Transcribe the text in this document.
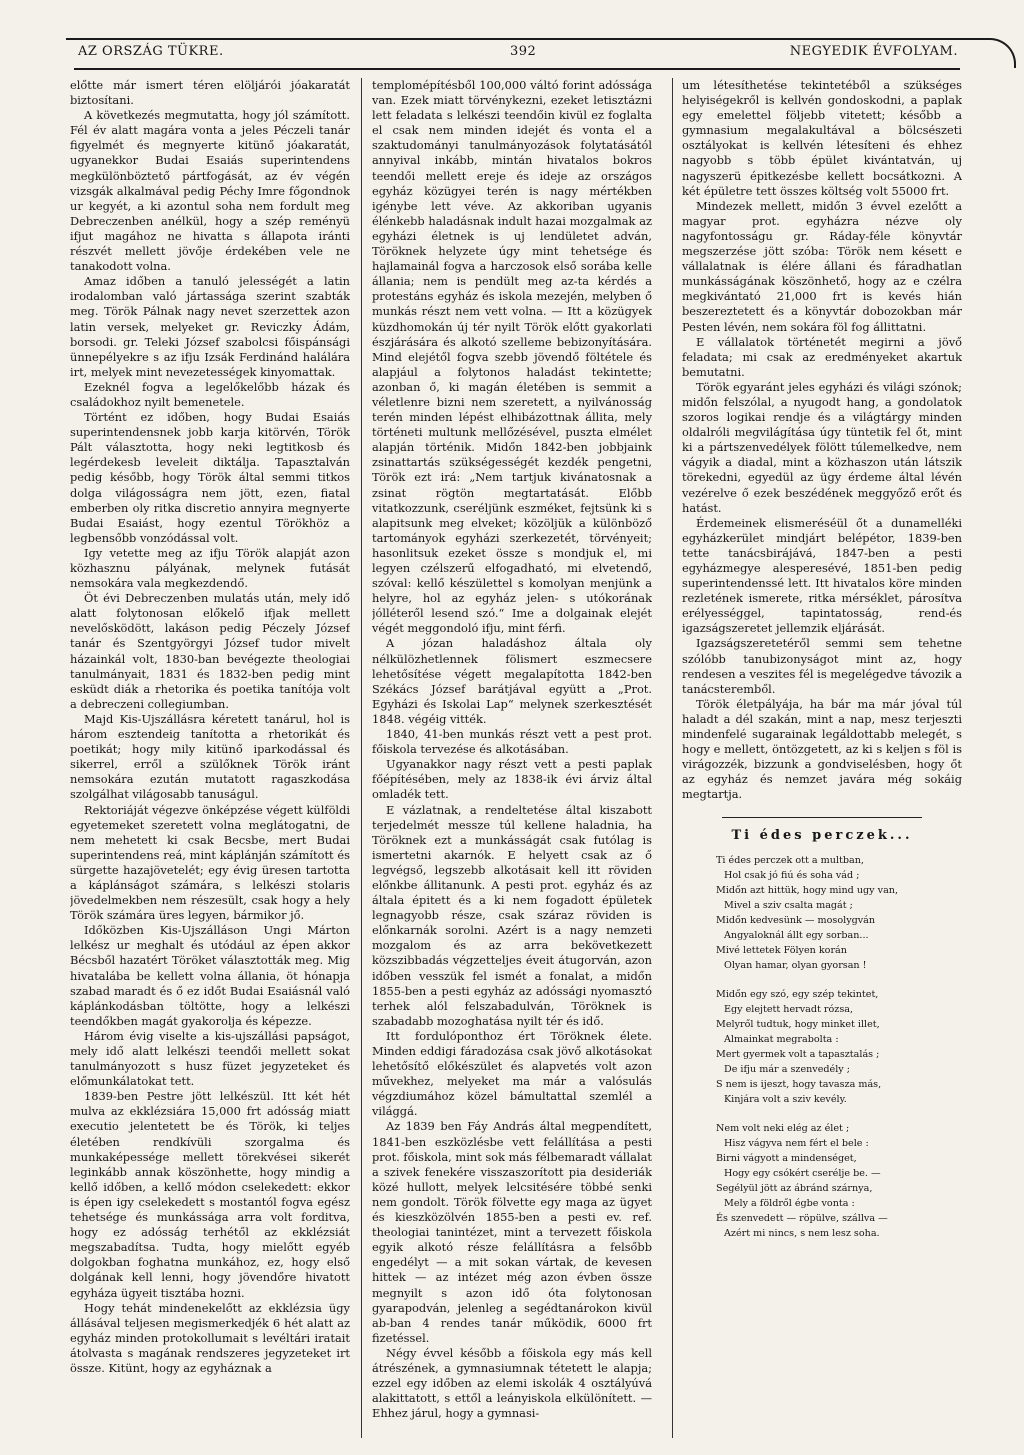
AZ ORSZÁG TÜKRE.	392	NEGYEDIK ÉVFOLYAM.

előtte már ismert téren elöljárói jóakaratát biztosítani.

A következés megmutatta, hogy jól számított. Fél év alatt magára vonta a jeles Péczeli tanár figyelmét és megnyerte kitünő jóakaratát, ugyanekkor Budai Esaiás superintendens megkülönböztető pártfogását, az év végén vizsgák alkalmával pedig Péchy Imre főgondnok ur kegyét, a ki azontul soha nem fordult meg Debreczenben anélkül, hogy a szép reményü ifjut magához ne hivatta s állapota iránti részvét mellett jövője érdekében vele ne tanakodott volna.

Amaz időben a tanuló jelességét a latin irodalomban való jártassága szerint szabták meg. Török Pálnak nagy nevet szerzettek azon latin versek, melyeket gr. Reviczky Ádám, borsodi. gr. Teleki József szabolcsi főispánsági ünnepélyekre s az ifju Izsák Ferdinánd halálára irt, melyek mint nevezetességek kinyomattak.

Ezeknél fogva a legelőkelőbb házak és családokhoz nyilt bemenetele.

Történt ez időben, hogy Budai Esaiás superintendensnek jobb karja kitörvén, Török Pált választotta, hogy neki legtitkosb és legérdekesb leveleit diktálja. Tapasztalván pedig később, hogy Török által semmi titkos dolga világosságra nem jött, ezen, fiatal emberben oly ritka discretio annyira megnyerte Budai Esaiást, hogy ezentul Törökhöz a legbensőbb vonzódással volt.

Igy vetette meg az ifju Török alapját azon közhasznu pályának, melynek futását nemsokára vala megkezdendő.

Öt évi Debreczenben mulatás után, mely idő alatt folytonosan előkelő ifjak mellett nevelősködött, lakáson pedig Péczely József tanár és Szentgyörgyi József tudor mivelt házainkál volt, 1830-ban bevégezte theologiai tanulmányait, 1831 és 1832-ben pedig mint esküdt diák a rhetorika és poetika tanítója volt a debreczeni collegiumban.

Majd Kis-Ujszállásra kéretett tanárul, hol is három esztendeig tanította a rhetorikát és poetikát; hogy mily kitünő iparkodással és sikerrel, erről a szülőknek Török iránt nemsokára ezután mutatott ragaszkodása szolgálhat világosabb tanuságul.

Rektoriáját végezve önképzése végett külföldi egyetemeket szeretett volna meglátogatni, de nem mehetett ki csak Becsbe, mert Budai superintendens reá, mint káplánján számított és sürgette hazajövetelét; egy évig üresen tartotta a káplánságot számára, s lelkészi stolaris jövedelmekben nem részesült, csak hogy a hely Török számára üres legyen, bármikor jő.

Időközben Kis-Ujszálláson Ungi Márton lelkész ur meghalt és utódául az épen akkor Bécsből hazatért Töröket választották meg. Mig hivatalába be kellett volna állania, öt hónapja szabad maradt és ő ez időt Budai Esaiásnál való káplánkodásban töltötte, hogy a lelkészi teendőkben magát gyakorolja és képezze.

Három évig viselte a kis-ujszállási papságot, mely idő alatt lelkészi teendői mellett sokat tanulmányozott s husz füzet jegyzeteket és előmunkálatokat tett.

1839-ben Pestre jött lelkészül. Itt két hét mulva az ekklézsiára 15,000 frt adósság miatt executio jelentetett be és Török, ki teljes életében rendkívüli szorgalma és munkaképessége mellett törekvései sikerét leginkább annak köszönhette, hogy mindig a kellő időben, a kellő módon cselekedett: ekkor is épen igy cselekedett s mostantól fogva egész tehetsége és munkássága arra volt forditva, hogy ez adósság terhétől az ekklézsiát megszabadítsa. Tudta, hogy mielőtt egyéb dolgokban foghatna munkához, ez, hogy első dolgának kell lenni, hogy jövendőre hivatott egyháza ügyeit tisztába hozni.

Hogy tehát mindenekelőtt az ekklézsia ügy állásával teljesen megismerkedjék 6 hét alatt az egyház minden protokollumait s levéltári iratait átolvasta s magának rendszeres jegyzeteket irt össze. Kitünt, hogy az egyháznak a

templomépítésből 100,000 váltó forint adóssága van. Ezek miatt törvénykezni, ezeket letisztázni lett feladata s lelkészi teendőin kivül ez foglalta el csak nem minden idejét és vonta el a szaktudományi tanulmányozások folytatásától annyival inkább, mintán hivatalos bokros teendői mellett ereje és ideje az országos egyház közügyei terén is nagy mértékben igénybe lett véve. Az akkoriban ugyanis élénkebb haladásnak indult hazai mozgalmak az egyházi életnek is uj lendületet adván, Töröknek helyzete úgy mint tehetsége és hajlamainál fogva a harczosok első sorába kelle állania; nem is pendült meg az-ta kérdés a protestáns egyház és iskola mezején, melyben ő munkás részt nem vett volna. — Itt a közügyek küzdhomokán új tér nyilt Török előtt gyakorlati észjárására és alkotó szelleme bebizonyítására. Mind elejétől fogva szebb jövendő föltétele és alapjául a folytonos haladást tekintette; azonban ő, ki magán életében is semmit a véletlenre bizni nem szeretett, a nyilvánosság terén minden lépést elhibázottnak állita, mely történeti multunk mellőzésével, puszta elmélet alapján történik. Midőn 1842-ben jobbjaink zsinattartás szükségességét kezdék pengetni, Török ezt irá: „Nem tartjuk kivánatosnak a zsinat rögtön megtartatását. Előbb vitatkozzunk, cseréljünk eszméket, fejtsünk ki s alapitsunk meg elveket; közöljük a különböző tartományok egyházi szerkezetét, törvényeit; hasonlitsuk ezeket össze s mondjuk el, mi legyen czélszerű elfogadható, mi elvetendő, szóval: kellő készülettel s komolyan menjünk a helyre, hol az egyház jelen- s utókorának jólléteről lesend szó.“ Ime a dolgainak elejét végét meggondoló ifju, mint férfi.

A józan haladáshoz általa oly nélkülözhetlennek fölismert eszmecsere lehetősítése végett megalapította 1842-ben Székács József barátjával együtt a „Prot. Egyházi és Iskolai Lap“ melynek szerkesztését 1848. végéig vitték.

1840, 41-ben munkás részt vett a pest prot. főiskola tervezése és alkotásában.

Ugyanakkor nagy részt vett a pesti paplak főépítésében, mely az 1838-ik évi árviz által omladék tett.

E vázlatnak, a rendeltetése által kiszabott terjedelmét messze túl kellene haladnia, ha Töröknek ezt a munkásságát csak futólag is ismertetni akarnók. E helyett csak az ő legvégső, legszebb alkotásait kell itt röviden előnkbe állitanunk. A pesti prot. egyház és az általa épitett és a ki nem fogadott épületek legnagyobb része, csak száraz röviden is előnkarnák sorolni. Azért is a nagy nemzeti mozgalom és az arra bekövetkezett közszibbadás végzetteljes éveit átugorván, azon időben vesszük fel ismét a fonalat, a midőn 1855-ben a pesti egyház az adóssági nyomasztó terhek alól felszabadulván, Töröknek is szabadabb mozoghatása nyilt tér és idő.

Itt fordulóponthoz ért Töröknek élete. Minden eddigi fáradozása csak jövő alkotásokat lehetősítő előkészület és alapvetés volt azon művekhez, melyeket ma már a valósulás végzdiumához közel bámultattal szemlél a világgá.

Az 1839 ben Fáy András által megpendített, 1841-ben eszközlésbe vett felállítása a pesti prot. főiskola, mint sok más félbemaradt vállalat a szivek fenekére visszaszorított pia desideriák közé hullott, melyek lelcsitésére többé senki nem gondolt. Török fölvette egy maga az ügyet és kieszközölvén 1855-ben a pesti ev. ref. theologiai tanintézet, mint a tervezett főiskola egyik alkotó része felállításra a felsőbb engedélyt — a mit sokan vártak, de kevesen hittek — az intézet még azon évben össze megnyilt s azon idő óta folytonosan gyarapodván, jelenleg a segédtanárokon kivül ab-ban 4 rendes tanár működik, 6000 frt fizetéssel.

Négy évvel később a főiskola egy más kell átrészének, a gymnasiumnak tétetett le alapja; ezzel egy időben az elemi iskolák 4 osztályúvá alakittatott, s ettől a leányiskola elkülönített. — Ehhez járul, hogy a gymnasi-

um létesíthetése tekintetéből a szükséges helyiségekről is kellvén gondoskodni, a paplak egy emelettel följebb vitetett; később a gymnasium megalakultával a bölcsészeti osztályokat is kellvén létesíteni és ehhez nagyobb s több épület kivántatván, uj nagyszerü épitkezésbe kellett bocsátkozni. A két épületre tett összes költség volt 55000 frt.

Mindezek mellett, midőn 3 évvel ezelőtt a magyar prot. egyházra nézve oly nagyfontosságu gr. Ráday-féle könyvtár megszerzése jött szóba: Török nem késett e vállalatnak is élére állani és fáradhatlan munkásságának köszönhető, hogy az e czélra megkivántató 21,000 frt is kevés hián beszereztetett és a könyvtár dobozokban már Pesten lévén, nem sokára föl fog állittatni.

E vállalatok történetét megirni a jövő feladata; mi csak az eredményeket akartuk bemutatni.

Török egyaránt jeles egyházi és világi szónok; midőn felszólal, a nyugodt hang, a gondolatok szoros logikai rendje és a világtárgy minden oldalróli megvilágítása úgy tüntetik fel őt, mint ki a pártszenvedélyek fölött túlemelkedve, nem vágyik a diadal, mint a közhaszon után látszik törekedni, egyedül az ügy érdeme által lévén vezérelve ő ezek beszédének meggyőző erőt és hatást.

Érdemeinek elismeréséül őt a dunamelléki egyházkerület mindjárt belépétor, 1839-ben tette tanácsbirájává, 1847-ben a pesti egyházmegye alesperesévé, 1851-ben pedig superintendenssé lett. Itt hivatalos köre minden rezletének ismerete, ritka mérséklet, párosítva erélyességgel, tapintatosság, rend-és igazságszeretet jellemzik eljárását.

Igazságszeretetéről semmi sem tehetne szólóbb tanubizonyságot mint az, hogy rendesen a veszites fél is megelégedve távozik a tanácsteremből.

Török életpályája, ha bár ma már jóval túl haladt a dél szakán, mint a nap, mesz terjeszti mindenfelé sugarainak legáldottabb melegét, s hogy e mellett, öntözgetett, az ki s keljen s föl is virágozzék, bizzunk a gondviselésben, hogy őt az egyház és nemzet javára még sokáig megtartja.

Ti édes perczek...
Ti édes perczek ott a multban,
Hol csak jó fiú és soha vád ;
Midőn azt hittük, hogy mind ugy van,
Mivel a sziv csalta magát ;
Midőn kedvesünk — mosolygván
Angyaloknál állt egy sorban...
Mivé lettetek Fölyen korán
Olyan hamar, olyan gyorsan !
Midőn egy szó, egy szép tekintet,
Egy elejtett hervadt rózsa,
Melyről tudtuk, hogy minket illet,
Almainkat megrabolta :
Mert gyermek volt a tapasztalás ;
De ifju már a szenvedély ;
S nem is ijeszt, hogy tavasza más,
Kinjára volt a sziv kevély.
Nem volt neki elég az élet ;
Hisz vágyva nem fért el bele :
Birni vágyott a mindenséget,
Hogy egy csókért cserélje be. —
Segélyül jött az ábránd szárnya,
Mely a földről égbe vonta :
És szenvedett — röpülve, szállva —
Azért mi nincs, s nem lesz soha.
